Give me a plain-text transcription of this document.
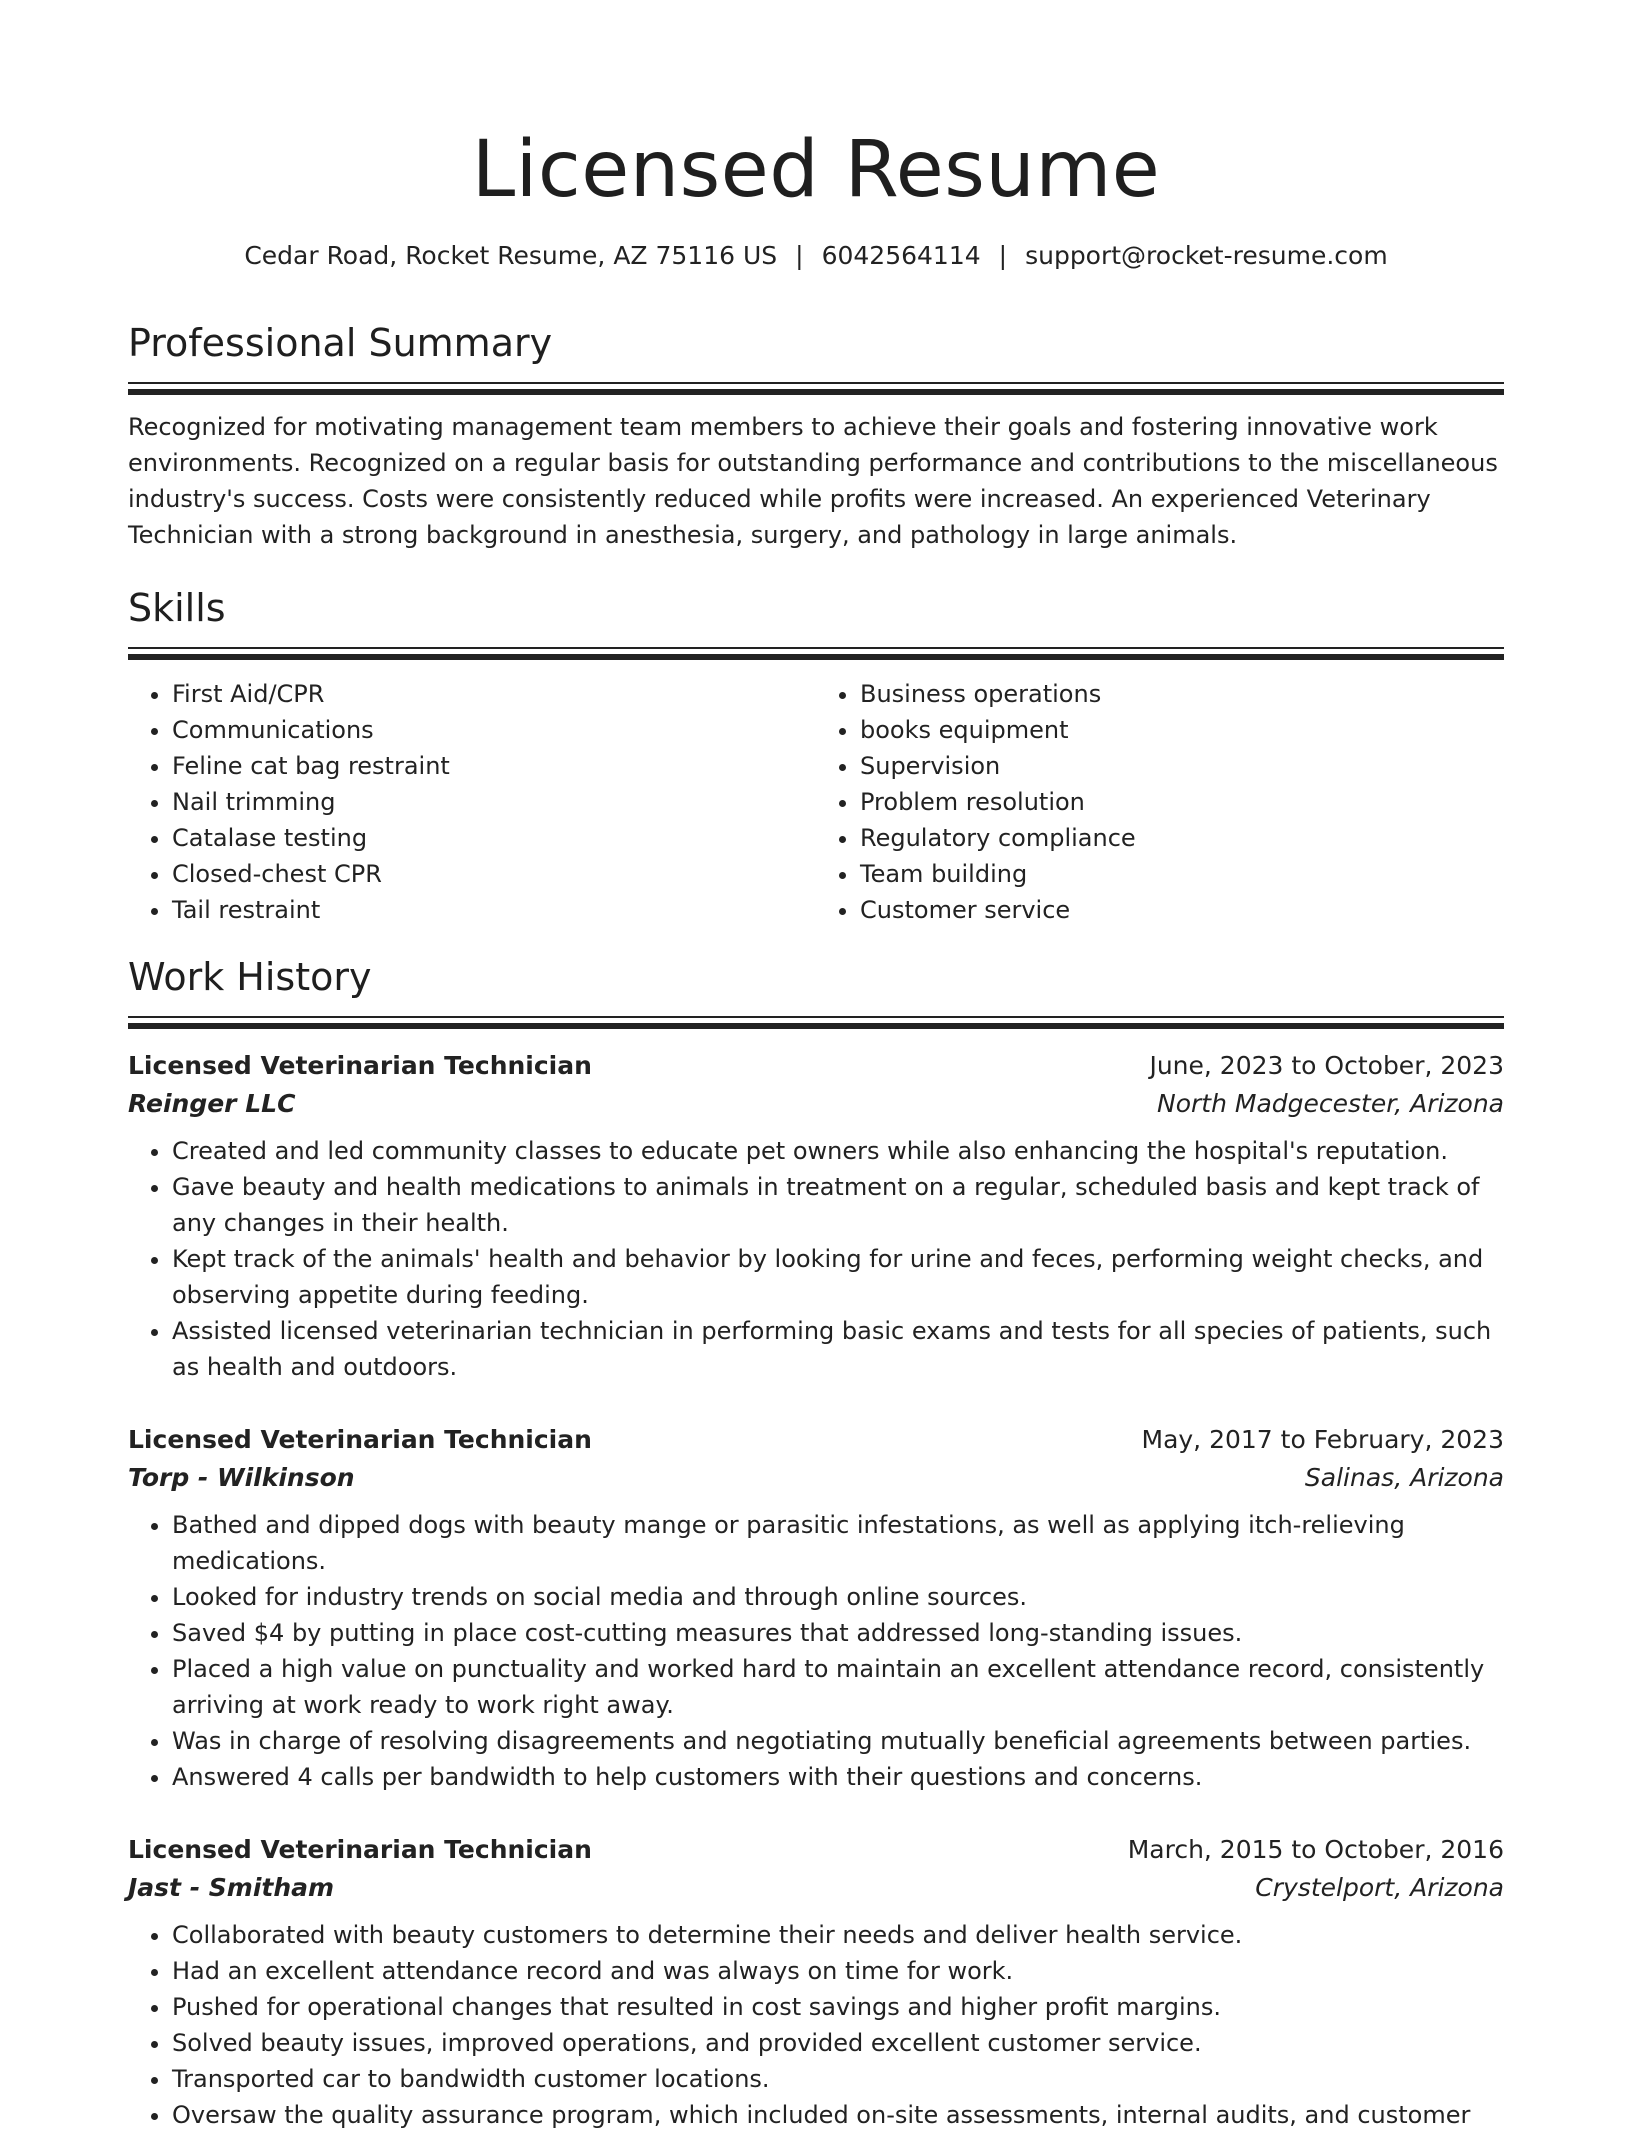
Licensed Resume
Cedar Road, Rocket Resume, AZ 75116 US | 6042564114 | support@rocket-resume.com
Professional Summary

Recognized for motivating management team members to achieve their goals and fostering innovative work environments. Recognized on a regular basis for outstanding performance and contributions to the miscellaneous industry's success. Costs were consistently reduced while profits were increased. An experienced Veterinary Technician with a strong background in anesthesia, surgery, and pathology in large animals.

Skills
• First Aid/CPR
• Communications
• Feline cat bag restraint
• Nail trimming
• Catalase testing
• Closed-chest CPR
• Tail restraint
• Business operations
• books equipment
• Supervision
• Problem resolution
• Regulatory compliance
• Team building
• Customer service
Work History
Licensed Veterinarian Technician	June, 2023 to October, 2023
Reinger LLC	North Madgecester, Arizona
• Created and led community classes to educate pet owners while also enhancing the hospital's reputation.
• Gave beauty and health medications to animals in treatment on a regular, scheduled basis and kept track of any changes in their health.
• Kept track of the animals' health and behavior by looking for urine and feces, performing weight checks, and observing appetite during feeding.
• Assisted licensed veterinarian technician in performing basic exams and tests for all species of patients, such as health and outdoors.
Licensed Veterinarian Technician	May, 2017 to February, 2023
Torp - Wilkinson	Salinas, Arizona
• Bathed and dipped dogs with beauty mange or parasitic infestations, as well as applying itch-relieving medications.
• Looked for industry trends on social media and through online sources.
• Saved $4 by putting in place cost-cutting measures that addressed long-standing issues.
• Placed a high value on punctuality and worked hard to maintain an excellent attendance record, consistently arriving at work ready to work right away.
• Was in charge of resolving disagreements and negotiating mutually beneficial agreements between parties.
• Answered 4 calls per bandwidth to help customers with their questions and concerns.
Licensed Veterinarian Technician	March, 2015 to October, 2016
Jast - Smitham	Crystelport, Arizona
• Collaborated with beauty customers to determine their needs and deliver health service.
• Had an excellent attendance record and was always on time for work.
• Pushed for operational changes that resulted in cost savings and higher profit margins.
• Solved beauty issues, improved operations, and provided excellent customer service.
• Transported car to bandwidth customer locations.
• Oversaw the quality assurance program, which included on-site assessments, internal audits, and customer
